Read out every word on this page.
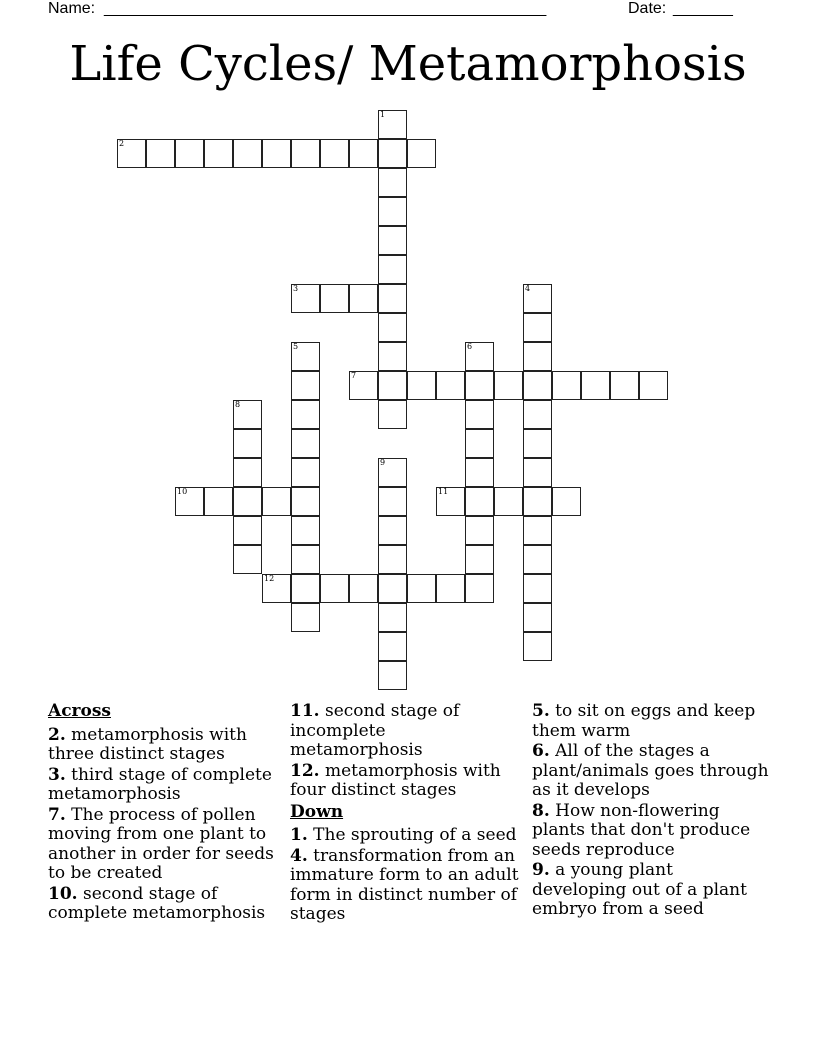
Name: ____________________________________________________	Date: _______
Life Cycles/ Metamorphosis
1
2
3	4
5	6
7
8
9
10	11
12
Across
2. metamorphosis with three distinct stages
3. third stage of complete metamorphosis
7. The process of pollen moving from one plant to another in order for seeds to be created
10. second stage of complete metamorphosis
11. second stage of incomplete metamorphosis
12. metamorphosis with four distinct stages
Down
1. The sprouting of a seed
4. transformation from an immature form to an adult form in distinct number of stages
5. to sit on eggs and keep them warm
6. All of the stages a plant/animals goes through as it develops
8. How non-flowering plants that don't produce seeds reproduce
9. a young plant developing out of a plant embryo from a seed
